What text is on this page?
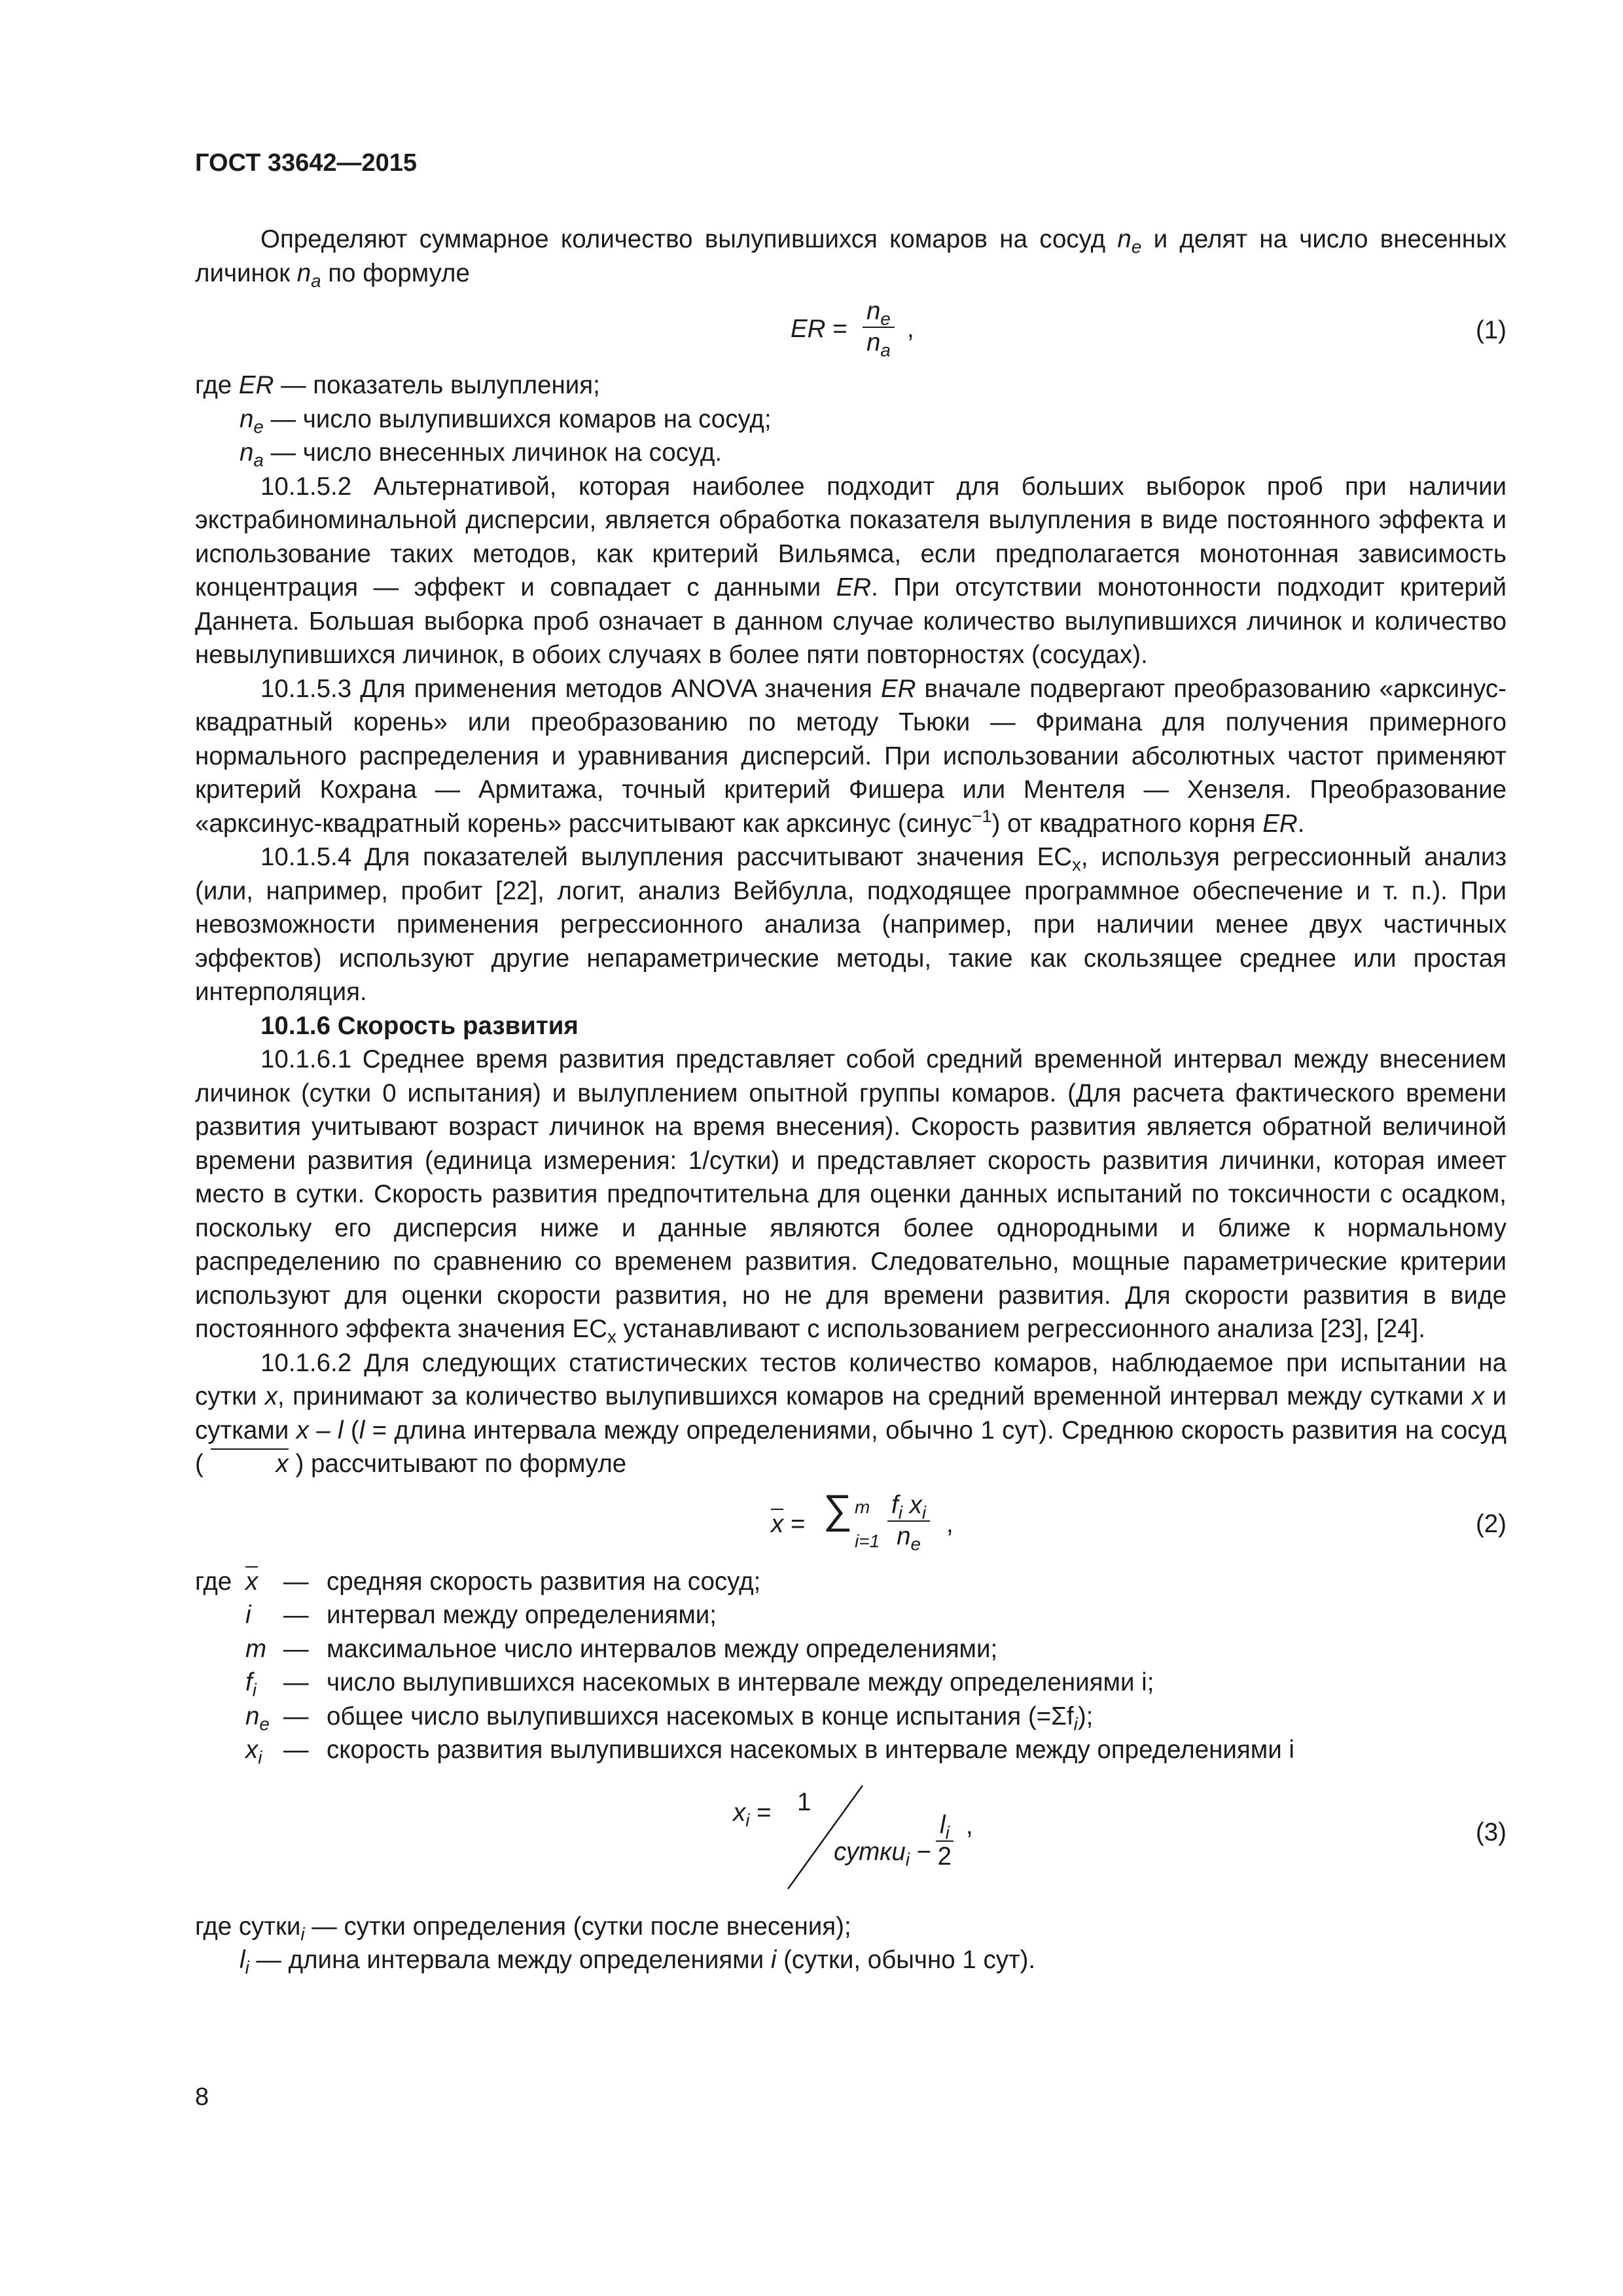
ГОСТ 33642—2015

Определяют суммарное количество вылупившихся комаров на сосуд $n_e$ и делят на число внесенных личинок $n_a$ по формуле

ER = $\frac{n_e}{n_a}$ ,	(1)

где ER — показатель вылупления;

$n_e$ — число вылупившихся комаров на сосуд;

$n_a$ — число внесенных личинок на сосуд.

10.1.5.2 Альтернативой, которая наиболее подходит для больших выборок проб при наличии экстрабиноминальной дисперсии, является обработка показателя вылупления в виде постоянного эффекта и использование таких методов, как критерий Вильямса, если предполагается монотонная зависимость концентрация — эффект и совпадает с данными ER. При отсутствии монотонности подходит критерий Даннета. Большая выборка проб означает в данном случае количество вылупившихся личинок и количество невылупившихся личинок, в обоих случаях в более пяти повторностях (сосудах).

10.1.5.3 Для применения методов ANOVA значения ER вначале подвергают преобразованию «арксинус-квадратный корень» или преобразованию по методу Тьюки — Фримана для получения примерного нормального распределения и уравнивания дисперсий. При использовании абсолютных частот применяют критерий Кохрана — Армитажа, точный критерий Фишера или Ментеля — Хензеля. Преобразование «арксинус-квадратный корень» рассчитывают как арксинус (синус$^{-1}$) от квадратного корня ER.

10.1.5.4 Для показателей вылупления рассчитывают значения $EC_x$, используя регрессионный анализ (или, например, пробит [22], логит, анализ Вейбулла, подходящее программное обеспечение и т. п.). При невозможности применения регрессионного анализа (например, при наличии менее двух частичных эффектов) используют другие непараметрические методы, такие как скользящее среднее или простая интерполяция.

10.1.6 Скорость развития

10.1.6.1 Среднее время развития представляет собой средний временной интервал между внесением личинок (сутки 0 испытания) и вылуплением опытной группы комаров. (Для расчета фактического времени развития учитывают возраст личинок на время внесения). Скорость развития является обратной величиной времени развития (единица измерения: 1/сутки) и представляет скорость развития личинки, которая имеет место в сутки. Скорость развития предпочтительна для оценки данных испытаний по токсичности с осадком, поскольку его дисперсия ниже и данные являются более однородными и ближе к нормальному распределению по сравнению со временем развития. Следовательно, мощные параметрические критерии используют для оценки скорости развития, но не для времени развития. Для скорости развития в виде постоянного эффекта значения $EC_x$ устанавливают с использованием регрессионного анализа [23], [24].

10.1.6.2 Для следующих статистических тестов количество комаров, наблюдаемое при испытании на сутки x, принимают за количество вылупившихся комаров на средний временной интервал между сутками x и сутками x – l (l = длина интервала между определениями, обычно 1 сут). Среднюю скорость развития на сосуд (	x ) рассчитывают по формуле

x = ∑ m
$i=1 \frac{f_i x_i}{n_e}$ ,	(2)
где x	— средняя скорость развития на сосуд;
i	— интервал между определениями;
m — максимальное число интервалов между определениями;
$f_i$	— число вылупившихся насекомых в интервале между определениями i;
$n_e$ — общее число вылупившихся насекомых в конце испытания $(=\Sigma f_i)$;
$x_i$ — скорость развития вылупившихся насекомых в интервале между определениями i
$x_i = 1$
сутки$_i$ − $\frac{l_i}{2}$ ,	(3)

где сутки$_i$ — сутки определения (сутки после внесения);

$l_i$ — длина интервала между определениями i (сутки, обычно 1 сут).

8
